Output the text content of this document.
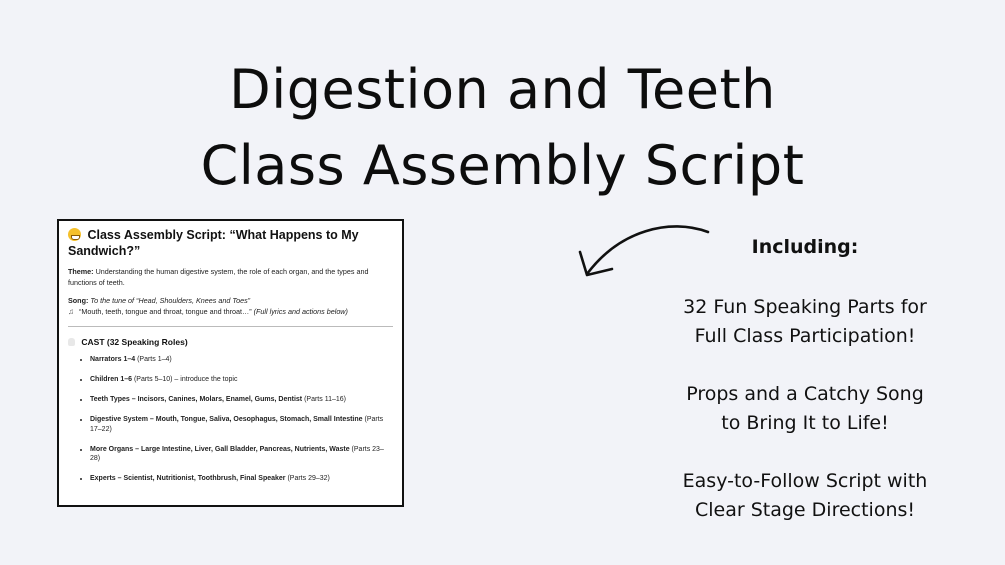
Digestion and Teeth
Class Assembly Script
Class Assembly Script: “What Happens to My Sandwich?”

Theme: Understanding the human digestive system, the role of each organ, and the types and functions of teeth.

Song: To the tune of “Head, Shoulders, Knees and Toes”

♫ “Mouth, teeth, tongue and throat, tongue and throat…” (Full lyrics and actions below)

CAST (32 Speaking Roles)
• Narrators 1–4 (Parts 1–4)
• Children 1–6 (Parts 5–10) – introduce the topic
• Teeth Types – Incisors, Canines, Molars, Enamel, Gums, Dentist (Parts 11–16)
• Digestive System – Mouth, Tongue, Saliva, Oesophagus, Stomach, Small Intestine (Parts 17–22)
• More Organs – Large Intestine, Liver, Gall Bladder, Pancreas, Nutrients, Waste (Parts 23–28)
• Experts – Scientist, Nutritionist, Toothbrush, Final Speaker (Parts 29–32)
Including:
32 Fun Speaking Parts for
Full Class Participation!
Props and a Catchy Song
to Bring It to Life!
Easy-to-Follow Script with
Clear Stage Directions!
